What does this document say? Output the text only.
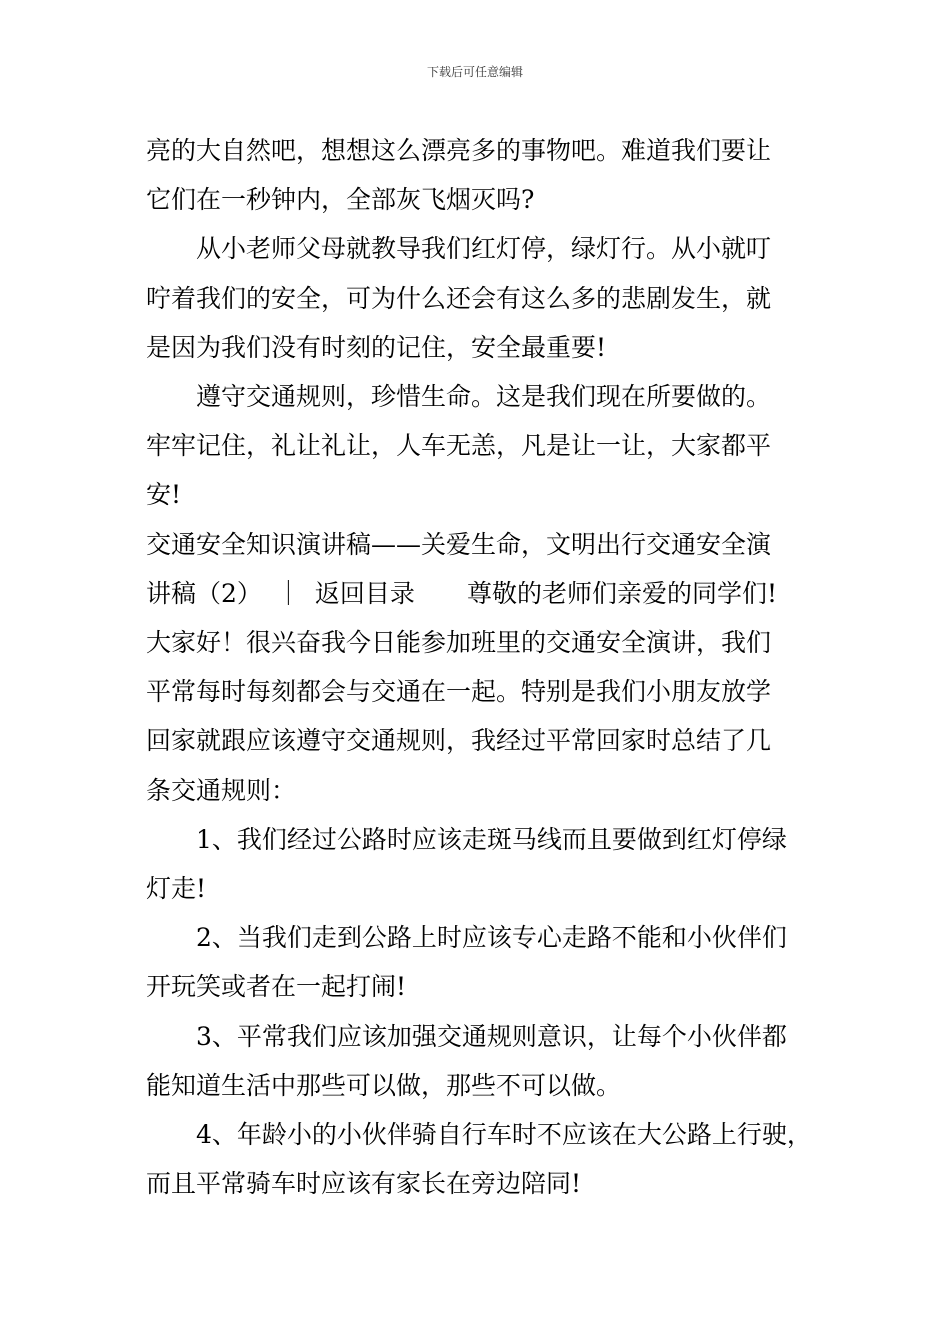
下载后可任意编辑
亮的大自然吧，想想这么漂亮多的事物吧。难道我们要让
它们在一秒钟内，全部灰飞烟灭吗?
从小老师父母就教导我们红灯停，绿灯行。从小就叮
咛着我们的安全，可为什么还会有这么多的悲剧发生，就
是因为我们没有时刻的记住，安全最重要!
遵守交通规则，珍惜生命。这是我们现在所要做的。
牢牢记住，礼让礼让，人车无恙，凡是让一让，大家都平
安!
交通安全知识演讲稿——关爱生命，文明出行交通安全演
讲稿（2） ｜ 返回目录 尊敬的老师们亲爱的同学们!
大家好！很兴奋我今日能参加班里的交通安全演讲，我们
平常每时每刻都会与交通在一起。特别是我们小朋友放学
回家就跟应该遵守交通规则，我经过平常回家时总结了几
条交通规则：
1、我们经过公路时应该走斑马线而且要做到红灯停绿
灯走!
2、当我们走到公路上时应该专心走路不能和小伙伴们
开玩笑或者在一起打闹!
3、平常我们应该加强交通规则意识，让每个小伙伴都
能知道生活中那些可以做，那些不可以做。
4、年龄小的小伙伴骑自行车时不应该在大公路上行驶，
而且平常骑车时应该有家长在旁边陪同!
